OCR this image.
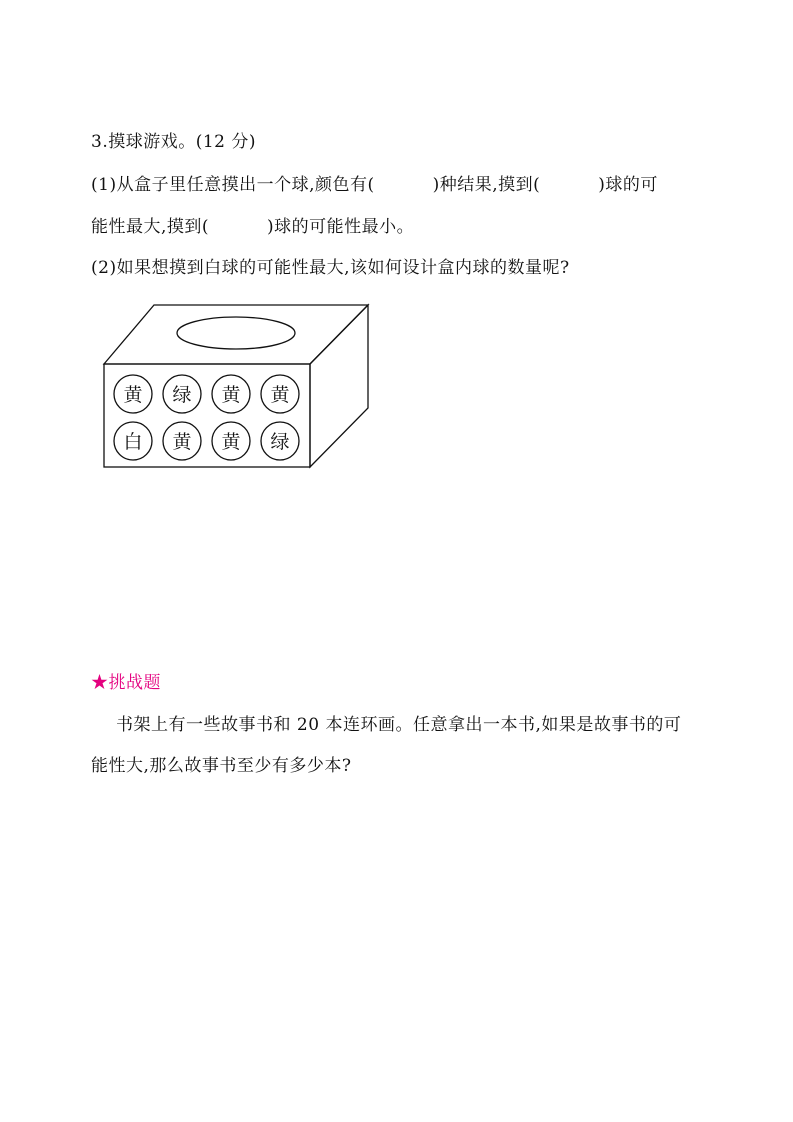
3.摸球游戏。(12 分)
(1)从盒子里任意摸出一个球,颜色有(	)种结果,摸到(	)球的可
能性最大,摸到(	)球的可能性最小。
(2)如果想摸到白球的可能性最大,该如何设计盒内球的数量呢?
黄 绿 黄 黄
白 黄 黄 绿
★挑战题
书架上有一些故事书和 20 本连环画。任意拿出一本书,如果是故事书的可
能性大,那么故事书至少有多少本?
